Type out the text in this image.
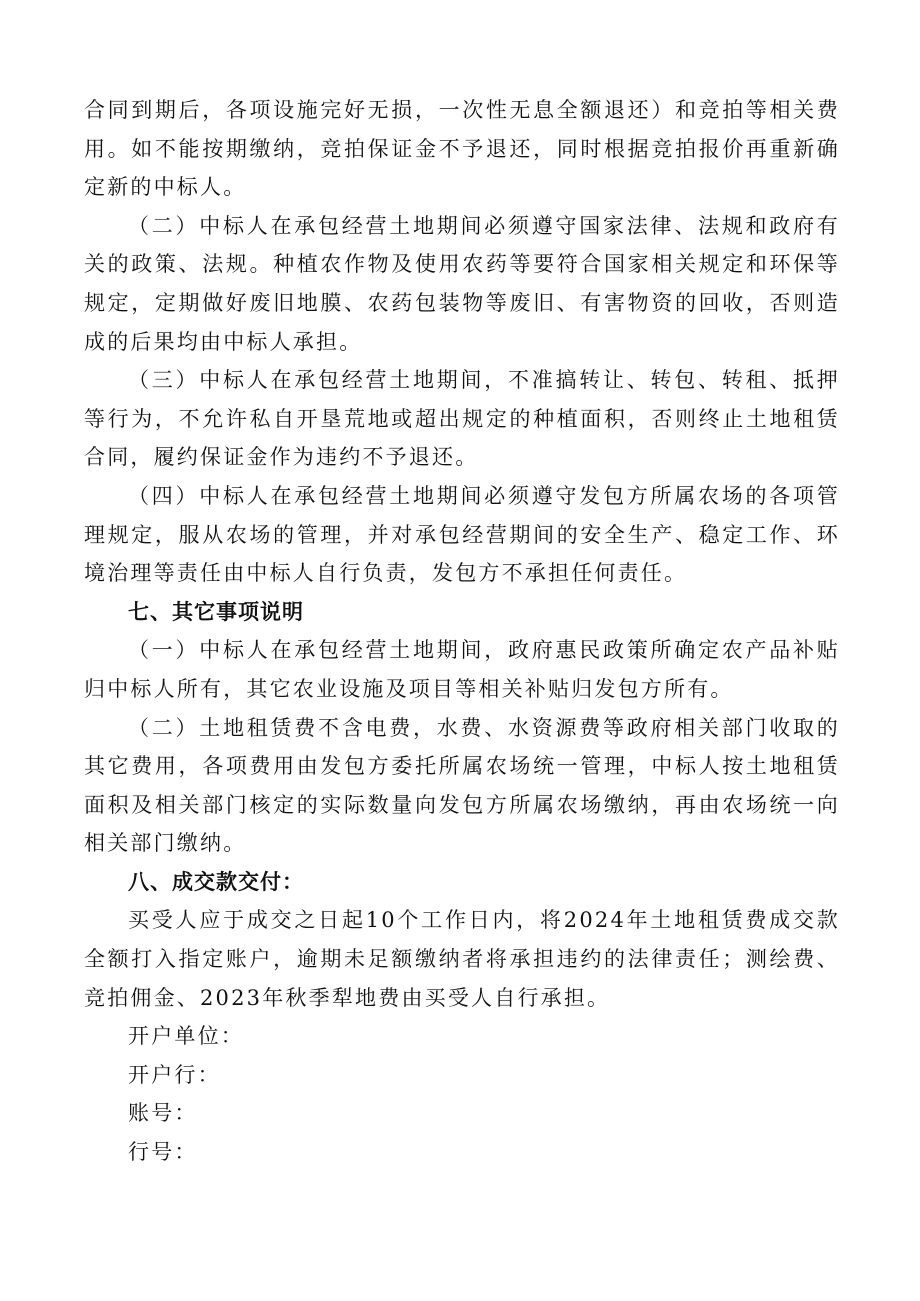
合同到期后，各项设施完好无损，一次性无息全额退还）和竞拍等相关费用。如不能按期缴纳，竞拍保证金不予退还，同时根据竞拍报价再重新确定新的中标人。

（二）中标人在承包经营土地期间必须遵守国家法律、法规和政府有关的政策、法规。种植农作物及使用农药等要符合国家相关规定和环保等规定，定期做好废旧地膜、农药包装物等废旧、有害物资的回收，否则造成的后果均由中标人承担。

（三）中标人在承包经营土地期间，不准搞转让、转包、转租、抵押等行为，不允许私自开垦荒地或超出规定的种植面积，否则终止土地租赁合同，履约保证金作为违约不予退还。

（四）中标人在承包经营土地期间必须遵守发包方所属农场的各项管理规定，服从农场的管理，并对承包经营期间的安全生产、稳定工作、环境治理等责任由中标人自行负责，发包方不承担任何责任。

七、其它事项说明

（一）中标人在承包经营土地期间，政府惠民政策所确定农产品补贴归中标人所有，其它农业设施及项目等相关补贴归发包方所有。

（二）土地租赁费不含电费，水费、水资源费等政府相关部门收取的其它费用，各项费用由发包方委托所属农场统一管理，中标人按土地租赁面积及相关部门核定的实际数量向发包方所属农场缴纳，再由农场统一向相关部门缴纳。

八、成交款交付：

买受人应于成交之日起10个工作日内，将2024年土地租赁费成交款全额打入指定账户，逾期未足额缴纳者将承担违约的法律责任；测绘费、竞拍佣金、2023年秋季犁地费由买受人自行承担。

开户单位：

开户行：

账号：

行号：
